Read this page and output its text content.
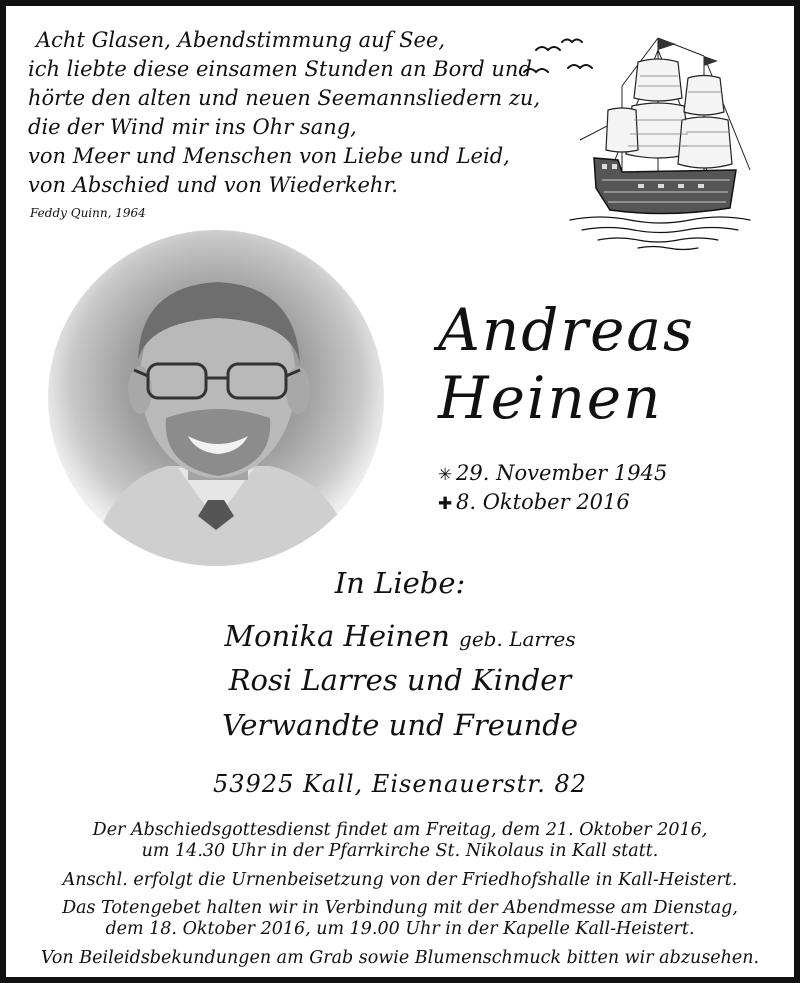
Acht Glasen, Abendstimmung auf See,
ich liebte diese einsamen Stunden an Bord und
hörte den alten und neuen Seemannsliedern zu,
die der Wind mir ins Ohr sang,
von Meer und Menschen von Liebe und Leid,
von Abschied und von Wiederkehr.
Feddy Quinn, 1964
Andreas
Heinen
✳ 29. November 1945
✚ 8. Oktober 2016
In Liebe:
Monika Heinen geb. Larres
Rosi Larres und Kinder
Verwandte und Freunde
53925 Kall, Eisenauerstr. 82
Der Abschiedsgottesdienst findet am Freitag, dem 21. Oktober 2016,
um 14.30 Uhr in der Pfarrkirche St. Nikolaus in Kall statt.
Anschl. erfolgt die Urnenbeisetzung von der Friedhofshalle in Kall-Heistert.
Das Totengebet halten wir in Verbindung mit der Abendmesse am Dienstag,
dem 18. Oktober 2016, um 19.00 Uhr in der Kapelle Kall-Heistert.
Von Beileidsbekundungen am Grab sowie Blumenschmuck bitten wir abzusehen.
